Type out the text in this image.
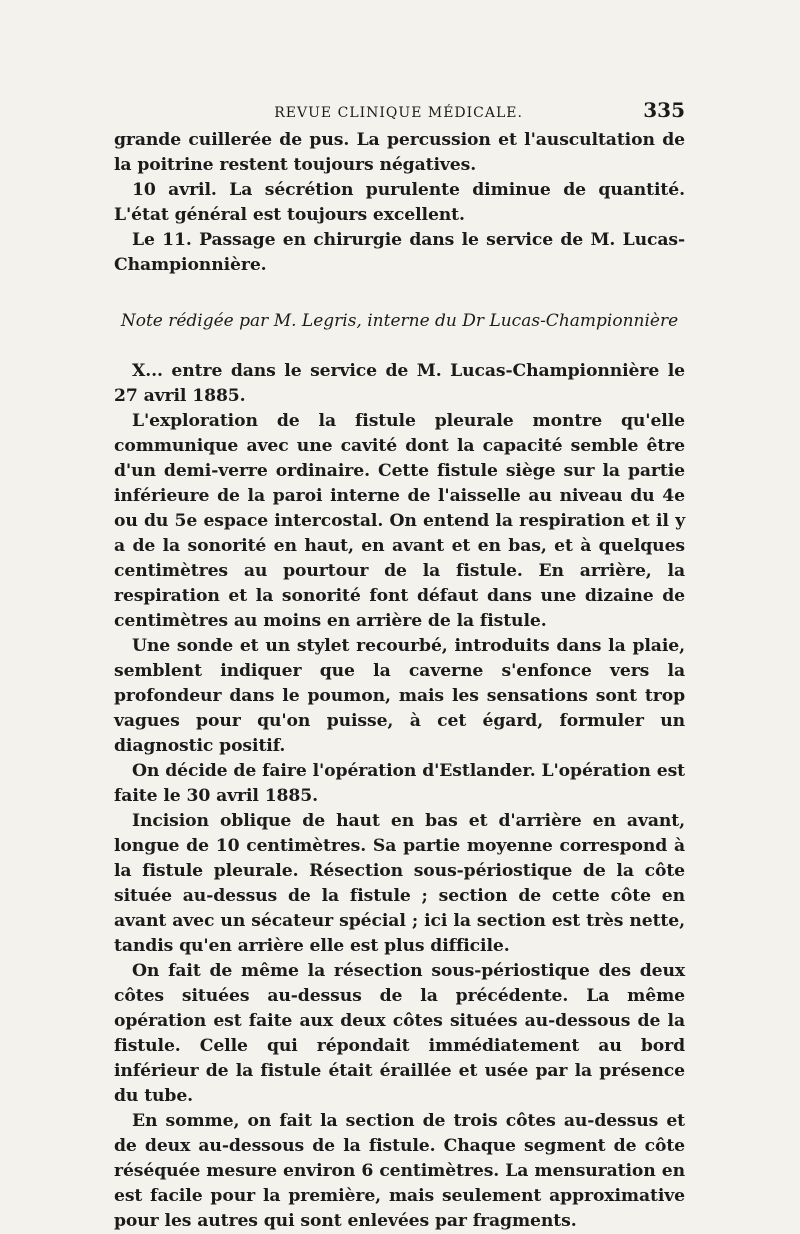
REVUE CLINIQUE MÉDICALE.	335

grande cuillerée de pus. La percussion et l'auscultation de la poitrine restent toujours négatives.

10 avril. La sécrétion purulente diminue de quantité. L'état général est toujours excellent.

Le 11. Passage en chirurgie dans le service de M. Lucas-Championnière.

Note rédigée par M. Legris, interne du Dr Lucas-Championnière

X... entre dans le service de M. Lucas-Championnière le 27 avril 1885.

L'exploration de la fistule pleurale montre qu'elle communique avec une cavité dont la capacité semble être d'un demi-verre ordinaire. Cette fistule siège sur la partie inférieure de la paroi interne de l'aisselle au niveau du 4e ou du 5e espace intercostal. On entend la respiration et il y a de la sonorité en haut, en avant et en bas, et à quelques centimètres au pourtour de la fistule. En arrière, la respiration et la sonorité font défaut dans une dizaine de centimètres au moins en arrière de la fistule.

Une sonde et un stylet recourbé, introduits dans la plaie, semblent indiquer que la caverne s'enfonce vers la profondeur dans le poumon, mais les sensations sont trop vagues pour qu'on puisse, à cet égard, formuler un diagnostic positif.

On décide de faire l'opération d'Estlander. L'opération est faite le 30 avril 1885.

Incision oblique de haut en bas et d'arrière en avant, longue de 10 centimètres. Sa partie moyenne correspond à la fistule pleurale. Résection sous-périostique de la côte située au-dessus de la fistule ; section de cette côte en avant avec un sécateur spécial ; ici la section est très nette, tandis qu'en arrière elle est plus difficile.

On fait de même la résection sous-périostique des deux côtes situées au-dessus de la précédente. La même opération est faite aux deux côtes situées au-dessous de la fistule. Celle qui répondait immédiatement au bord inférieur de la fistule était éraillée et usée par la présence du tube.

En somme, on fait la section de trois côtes au-dessus et de deux au-dessous de la fistule. Chaque segment de côte réséquée mesure environ 6 centimètres. La mensuration en est facile pour la première, mais seulement approximative pour les autres qui sont enlevées par fragments.
